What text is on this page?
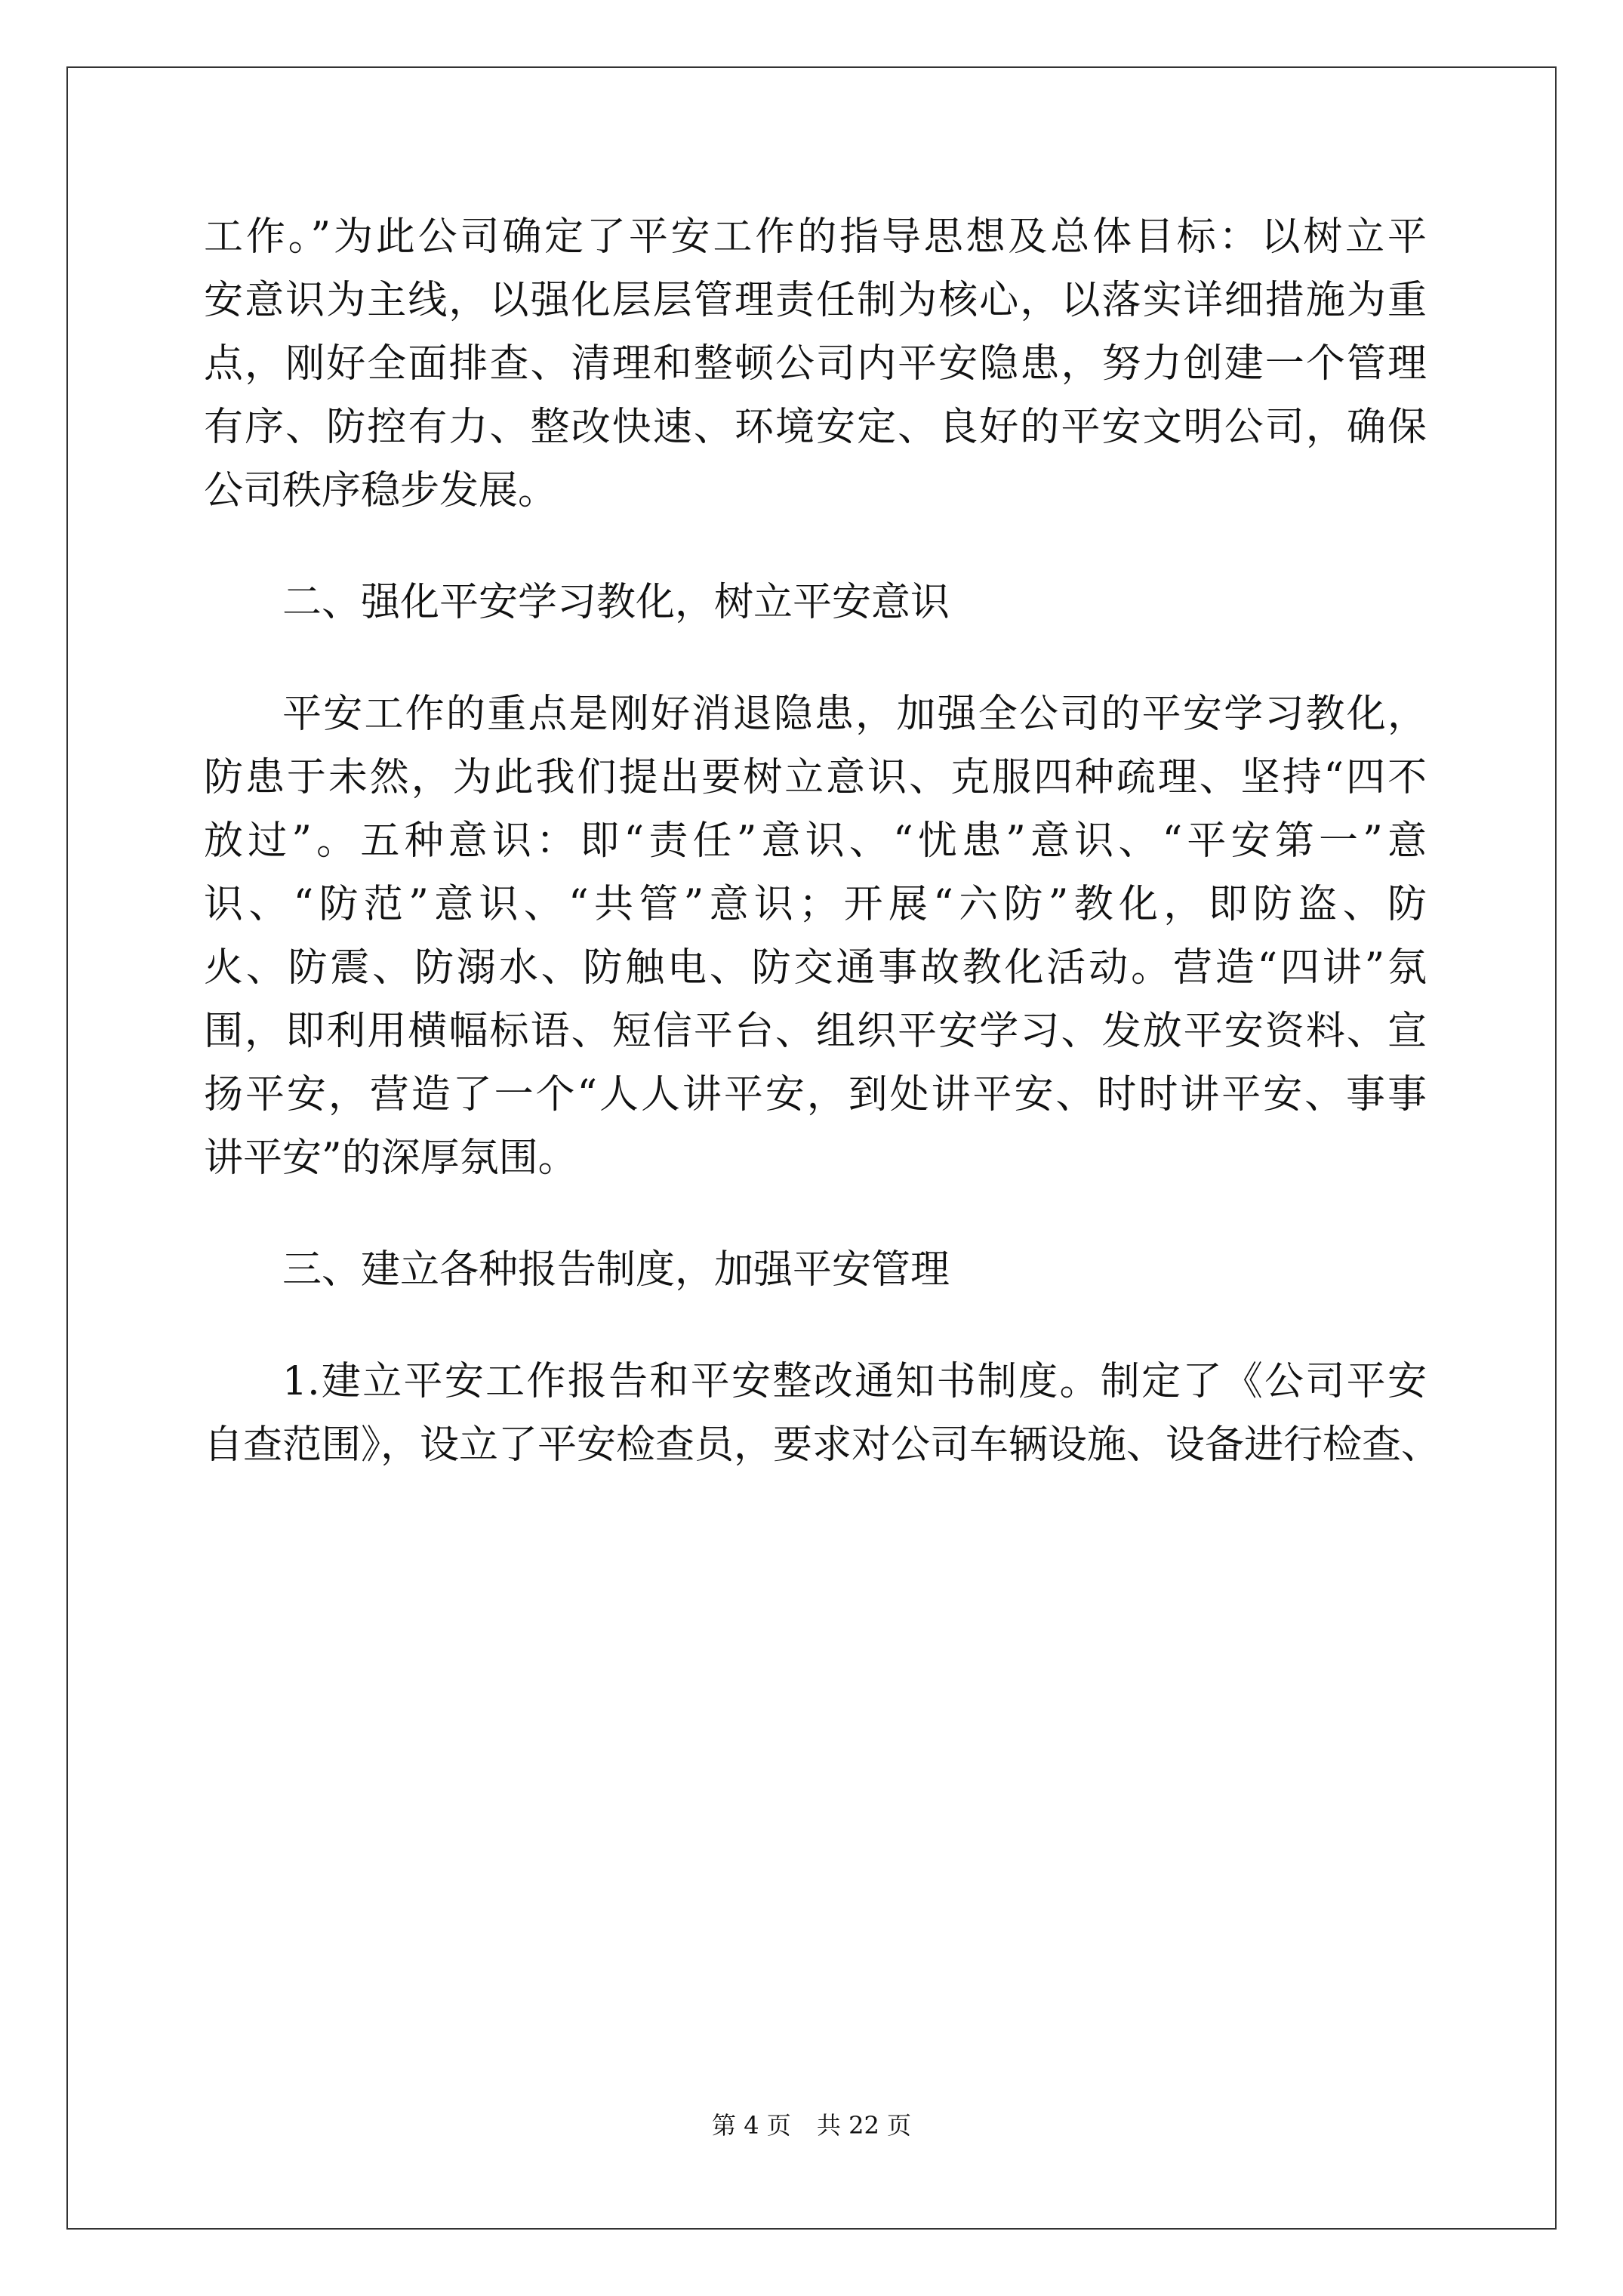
工作。”为此公司确定了平安工作的指导思想及总体目标：以树立平
安意识为主线，以强化层层管理责任制为核心，以落实详细措施为重
点，刚好全面排查、清理和整顿公司内平安隐患，努力创建一个管理
有序、防控有力、整改快速、环境安定、良好的平安文明公司，确保
公司秩序稳步发展。
二、强化平安学习教化，树立平安意识
平安工作的重点是刚好消退隐患，加强全公司的平安学习教化，
防患于未然，为此我们提出要树立意识、克服四种疏理、坚持“四不
放过”。五种意识：即“责任”意识、“忧患”意识、“平安第一”意
识、“防范”意识、“共管”意识；开展“六防”教化，即防盗、防
火、防震、防溺水、防触电、防交通事故教化活动。营造“四讲”氛
围，即利用横幅标语、短信平台、组织平安学习、发放平安资料、宣
扬平安，营造了一个“人人讲平安，到处讲平安、时时讲平安、事事
讲平安”的深厚氛围。
三、建立各种报告制度，加强平安管理
1.建立平安工作报告和平安整改通知书制度。制定了《公司平安
自查范围》，设立了平安检查员，要求对公司车辆设施、设备进行检查、
第 4 页 共 22 页
